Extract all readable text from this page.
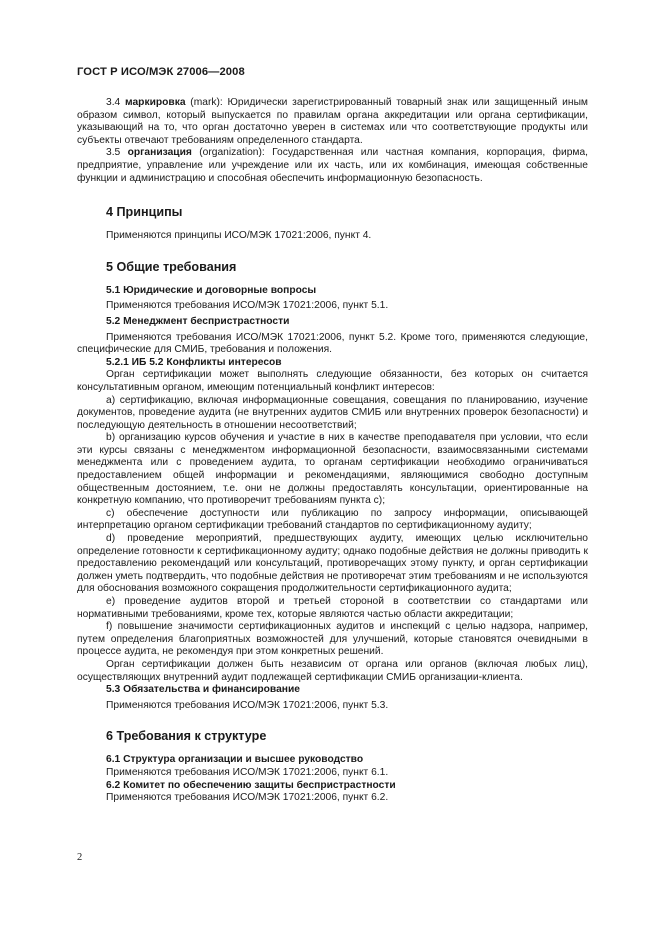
ГОСТ Р ИСО/МЭК 27006—2008

3.4 маркировка (mark): Юридически зарегистрированный товарный знак или защищенный иным образом символ, который выпускается по правилам органа аккредитации или органа сертификации, указывающий на то, что орган достаточно уверен в системах или что соответствующие продукты или субъекты отвечают требованиям определенного стандарта.

3.5 организация (organization): Государственная или частная компания, корпорация, фирма, предприятие, управление или учреждение или их часть, или их комбинация, имеющая собственные функции и администрацию и способная обеспечить информационную безопасность.

4 Принципы

Применяются принципы ИСО/МЭК 17021:2006, пункт 4.

5 Общие требования

5.1 Юридические и договорные вопросы

Применяются требования ИСО/МЭК 17021:2006, пункт 5.1.

5.2 Менеджмент беспристрастности

Применяются требования ИСО/МЭК 17021:2006, пункт 5.2. Кроме того, применяются следующие, специфические для СМИБ, требования и положения.

5.2.1 ИБ 5.2 Конфликты интересов

Орган сертификации может выполнять следующие обязанности, без которых он считается консультативным органом, имеющим потенциальный конфликт интересов:

a) сертификацию, включая информационные совещания, совещания по планированию, изучение документов, проведение аудита (не внутренних аудитов СМИБ или внутренних проверок безопасности) и последующую деятельность в отношении несоответствий;

b) организацию курсов обучения и участие в них в качестве преподавателя при условии, что если эти курсы связаны с менеджментом информационной безопасности, взаимосвязанными системами менеджмента или с проведением аудита, то органам сертификации необходимо ограничиваться предоставлением общей информации и рекомендациями, являющимися свободно доступным общественным достоянием, т.е. они не должны предоставлять консультации, ориентированные на конкретную компанию, что противоречит требованиям пункта с);

c) обеспечение доступности или публикацию по запросу информации, описывающей интерпретацию органом сертификации требований стандартов по сертификационному аудиту;

d) проведение мероприятий, предшествующих аудиту, имеющих целью исключительно определение готовности к сертификационному аудиту; однако подобные действия не должны приводить к предоставлению рекомендаций или консультаций, противоречащих этому пункту, и орган сертификации должен уметь подтвердить, что подобные действия не противоречат этим требованиям и не используются для обоснования возможного сокращения продолжительности сертификационного аудита;

e) проведение аудитов второй и третьей стороной в соответствии со стандартами или нормативными требованиями, кроме тех, которые являются частью области аккредитации;

f) повышение значимости сертификационных аудитов и инспекций с целью надзора, например, путем определения благоприятных возможностей для улучшений, которые становятся очевидными в процессе аудита, не рекомендуя при этом конкретных решений.

Орган сертификации должен быть независим от органа или органов (включая любых лиц), осуществляющих внутренний аудит подлежащей сертификации СМИБ организации-клиента.

5.3 Обязательства и финансирование

Применяются требования ИСО/МЭК 17021:2006, пункт 5.3.

6 Требования к структуре

6.1 Структура организации и высшее руководство

Применяются требования ИСО/МЭК 17021:2006, пункт 6.1.

6.2 Комитет по обеспечению защиты беспристрастности

Применяются требования ИСО/МЭК 17021:2006, пункт 6.2.

2
